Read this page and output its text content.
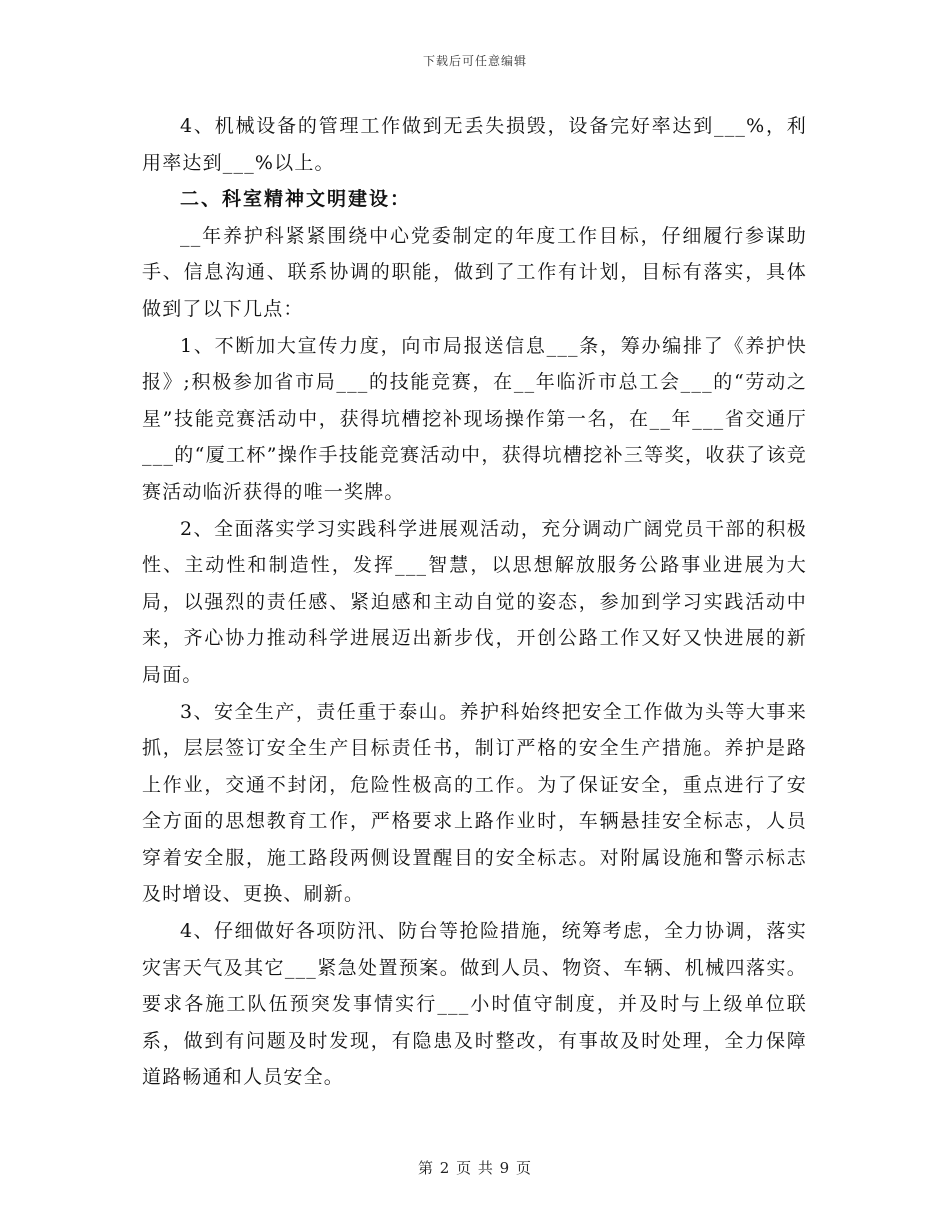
下载后可任意编辑

4、机械设备的管理工作做到无丢失损毁，设备完好率达到___%，利用率达到___%以上。

二、科室精神文明建设：

__年养护科紧紧围绕中心党委制定的年度工作目标，仔细履行参谋助手、信息沟通、联系协调的职能，做到了工作有计划，目标有落实，具体做到了以下几点：

1、不断加大宣传力度，向市局报送信息___条，筹办编排了《养护快报》;积极参加省市局___的技能竞赛，在__年临沂市总工会___的“劳动之星”技能竞赛活动中，获得坑槽挖补现场操作第一名，在__年___省交通厅___的“厦工杯”操作手技能竞赛活动中，获得坑槽挖补三等奖，收获了该竞赛活动临沂获得的唯一奖牌。

2、全面落实学习实践科学进展观活动，充分调动广阔党员干部的积极性、主动性和制造性，发挥___智慧，以思想解放服务公路事业进展为大局，以强烈的责任感、紧迫感和主动自觉的姿态，参加到学习实践活动中来，齐心协力推动科学进展迈出新步伐，开创公路工作又好又快进展的新局面。

3、安全生产，责任重于泰山。养护科始终把安全工作做为头等大事来抓，层层签订安全生产目标责任书，制订严格的安全生产措施。养护是路上作业，交通不封闭，危险性极高的工作。为了保证安全，重点进行了安全方面的思想教育工作，严格要求上路作业时，车辆悬挂安全标志，人员穿着安全服，施工路段两侧设置醒目的安全标志。对附属设施和警示标志及时增设、更换、刷新。

4、仔细做好各项防汛、防台等抢险措施，统筹考虑，全力协调，落实灾害天气及其它___紧急处置预案。做到人员、物资、车辆、机械四落实。要求各施工队伍预突发事情实行___小时值守制度，并及时与上级单位联系，做到有问题及时发现，有隐患及时整改，有事故及时处理，全力保障道路畅通和人员安全。

第 2 页 共 9 页
